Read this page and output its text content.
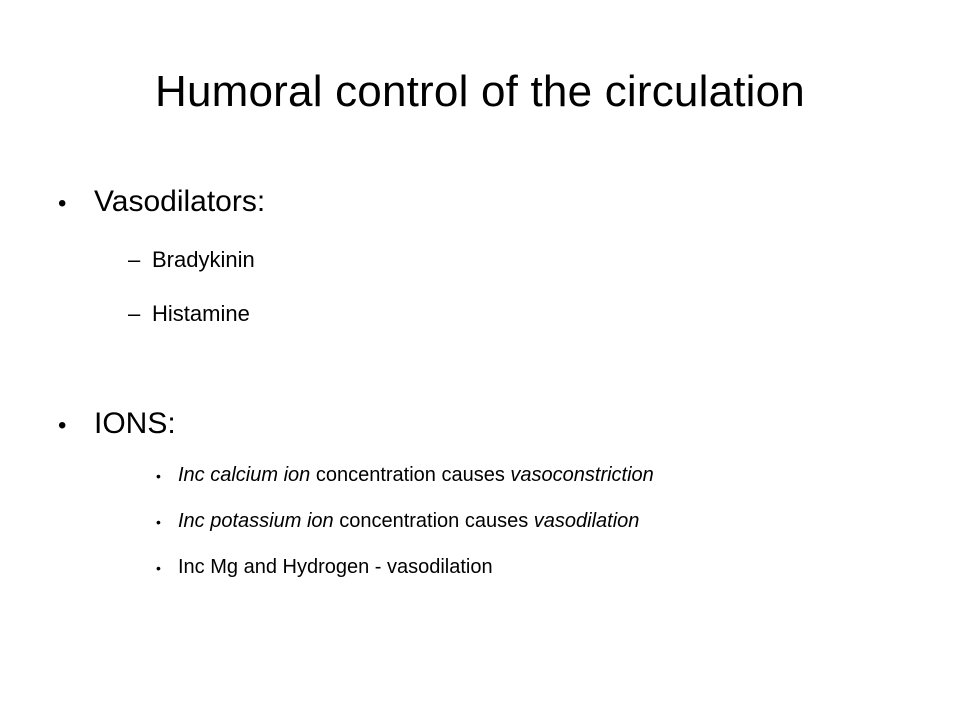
Humoral control of the circulation
• Vasodilators:
– Bradykinin
– Histamine
• IONS:
• Inc calcium ion concentration causes vasoconstriction
• Inc potassium ion concentration causes vasodilation
• Inc Mg and Hydrogen - vasodilation
